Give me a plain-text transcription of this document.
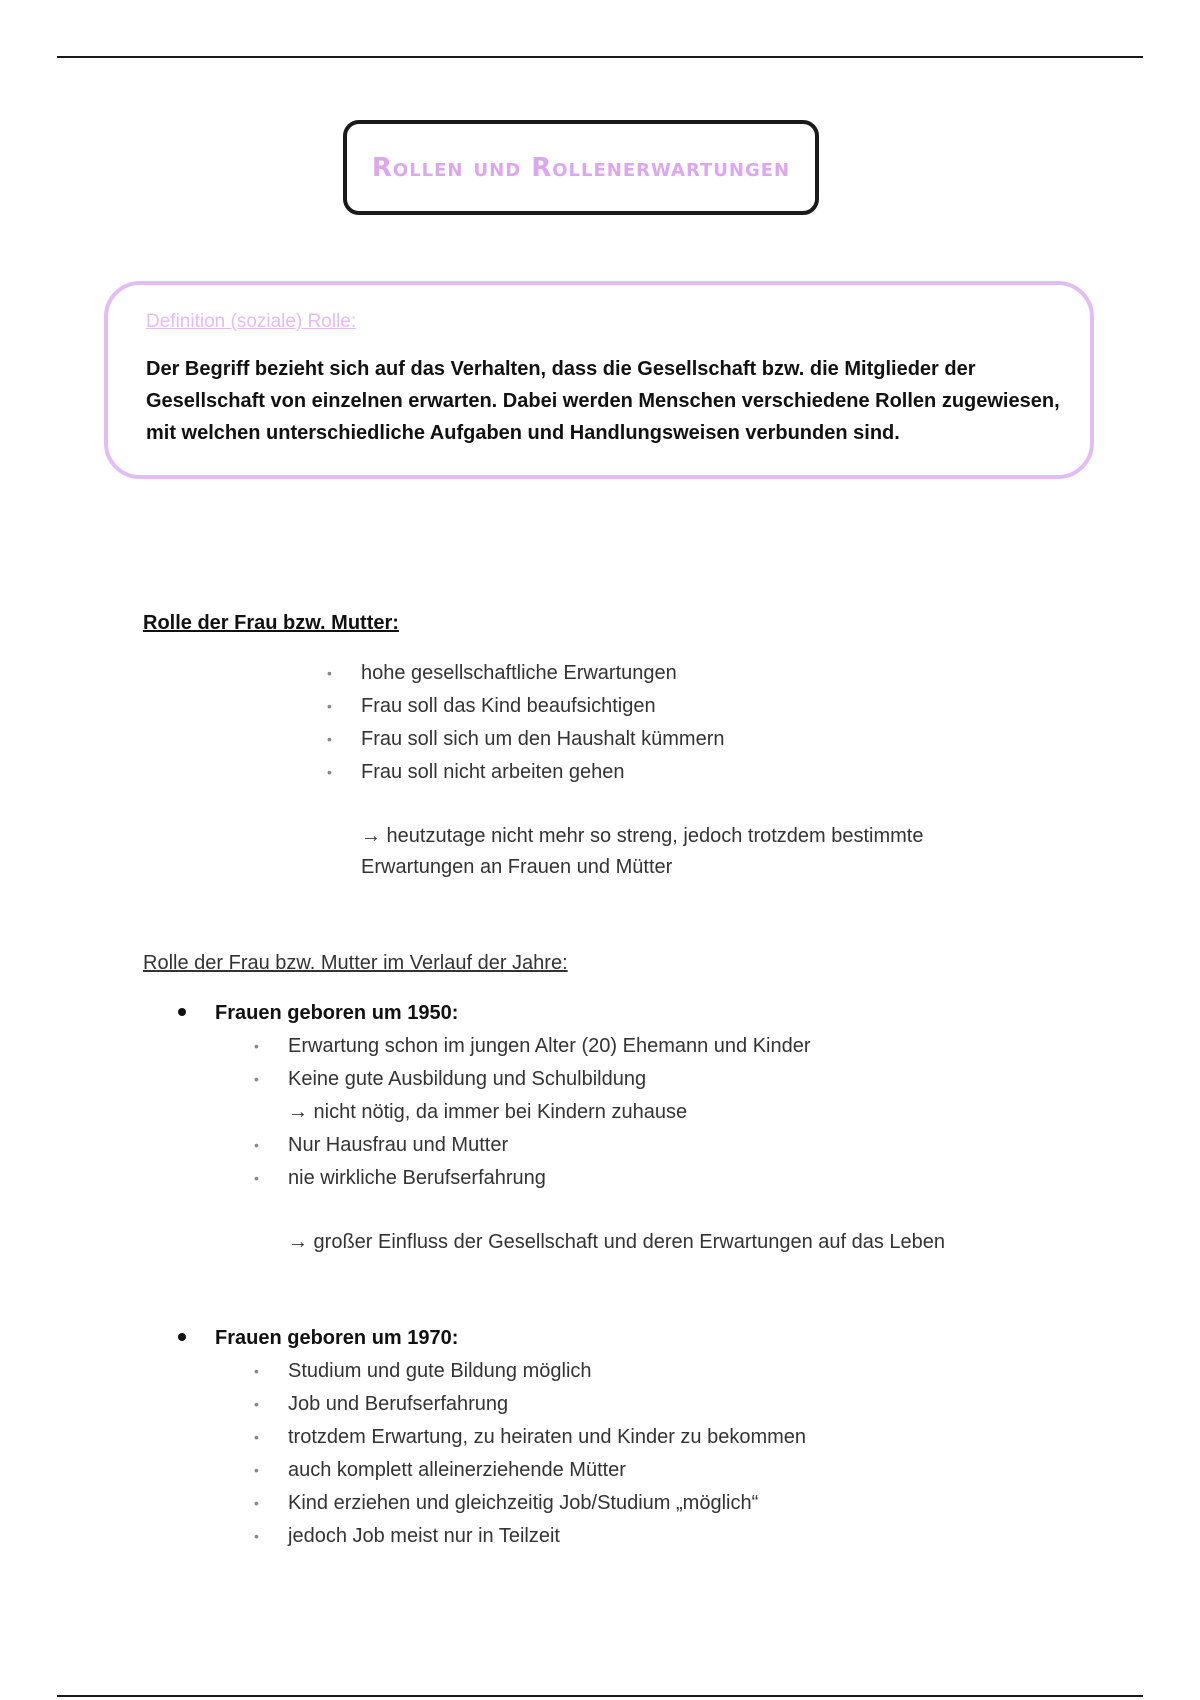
Rollen und Rollenerwartungen
Definition (soziale) Rolle:
Der Begriff bezieht sich auf das Verhalten, dass die Gesellschaft bzw. die Mitglieder der Gesellschaft von einzelnen erwarten. Dabei werden Menschen verschiedene Rollen zugewiesen, mit welchen unterschiedliche Aufgaben und Handlungsweisen verbunden sind.
Rolle der Frau bzw. Mutter:
• hohe gesellschaftliche Erwartungen
• Frau soll das Kind beaufsichtigen
• Frau soll sich um den Haushalt kümmern
• Frau soll nicht arbeiten gehen
→ heutzutage nicht mehr so streng, jedoch trotzdem bestimmte Erwartungen an Frauen und Mütter
Rolle der Frau bzw. Mutter im Verlauf der Jahre:
Frauen geboren um 1950:
• Erwartung schon im jungen Alter (20) Ehemann und Kinder
• Keine gute Ausbildung und Schulbildung
→ nicht nötig, da immer bei Kindern zuhause
• Nur Hausfrau und Mutter
• nie wirkliche Berufserfahrung
→ großer Einfluss der Gesellschaft und deren Erwartungen auf das Leben
Frauen geboren um 1970:
• Studium und gute Bildung möglich
• Job und Berufserfahrung
• trotzdem Erwartung, zu heiraten und Kinder zu bekommen
• auch komplett alleinerziehende Mütter
• Kind erziehen und gleichzeitig Job/Studium „möglich“
• jedoch Job meist nur in Teilzeit
